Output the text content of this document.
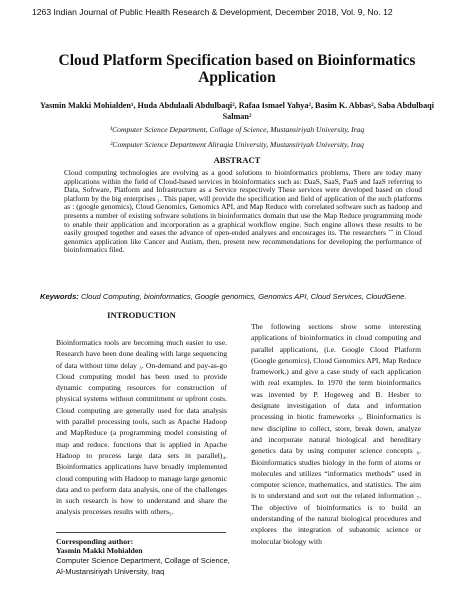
1263 Indian Journal of Public Health Research & Development, December 2018, Vol. 9, No. 12
Cloud Platform Specification based on Bioinformatics Application
Yasmin Makki Mohialden¹, Huda Abdulaali Abdulbaqi², Rafaa Ismael Yahya², Basim K. Abbas², Saba Abdulbaqi Salman²
¹Computer Science Department, Collage of Science, Mustansiriyah University, Iraq
²Computer Science Department Aliraqia University, Mustansiriyah University, Iraq
ABSTRACT
Cloud computing technologies are evolving as a good solutions to bioinformatics problems, There are today many applications within the field of Cloud-based services in bioinformatics such as: DaaS, SaaS, PaaS and IaaS referring to Data, Software, Platform and Infrastructure as a Service respectively These services were developed based on cloud platform by the big enterprises ₁. This paper, will provide the specification and field of application of the such platforms as : (google genomics), Cloud Genomics, Genomics API, and Map Reduce with correlated software such as hadoop and presents a number of existing software solutions in bioinformatics domain that use the Map Reduce programming mode to enable their application and incorporation as a graphical workflow engine. Such engine allows these results to be easily grouped together and eases the advance of open-ended analyses and encourages its. The researchers ˆˆ in Cloud genomics application like Cancer and Autism, then, present new recommendations for developing the performance of bioinformatics filed.
Keywords: Cloud Computing, bioinformatics, Google genomics, Genomics API, Cloud Services, CloudGene.
INTRODUCTION
Bioinformatics tools are becoming much easier to use. Research have been done dealing with large sequencing of data without time delay ₃. On-demand and pay-as-go Cloud computing model has been used to provide dynamic computing resources for construction of physical systems without commitment or upfront costs. Cloud computing are generally used for data analysis with parallel processing tools, such as Apache Hadoop and MapReduce (a programming model consisting of map and reduce. functions that is applied in Apache Hadoop to process large data sets in parallel)₄. Bioinformatics applications have broadly implemented cloud computing with Hadoop to manage large genomic data and to perform data analysis, one of the challenges in such research is how to understand and share the analysis processes results with others₅.
The following sections show some interesting applications of bioinformatics in cloud computing and parallel applications, (i.e. Google Cloud Platform (Google genomics), Cloud Genomics API, Map Reduce framework,) and give a case study of each application with real examples. In 1970 the term bioinformatics was invented by P. Hogeweg and B. Hesber to designate investigation of data and information processing in biotic frameworks ₅. Bioinformatics is new discipline to collect, store, break down, analyze and incorporate natural biological and hereditary genetics data by using computer science concepts ₆. Bioinformatics studies biology in the form of atoms or molecules and utilizes “informatics methods” used in computer science, mathematics, and statistics. The aim is to understand and sort out the related information ₇. The objective of bioinformatics is to build an understanding of the natural biological procedures and explores the integration of subatomic science or molecular biology with
Corresponding author:
Yasmin Makki Mohialden
Computer Science Department, Collage of Science, Al-Mustansiriyah University, Iraq
